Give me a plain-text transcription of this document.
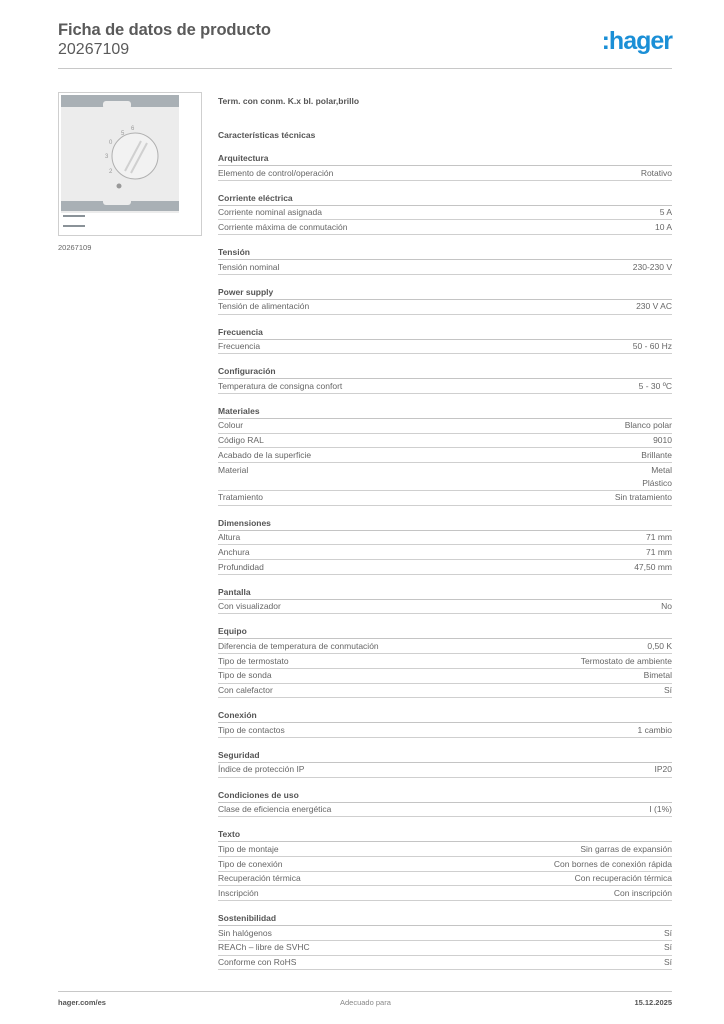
Ficha de datos de producto
20267109	:hager
5
6
0
3
2
20267109
Term. con conm. K.x bl. polar,brillo
Características técnicas
Arquitectura
Elemento de control/operación	Rotativo
Corriente eléctrica
Corriente nominal asignada	5 A
Corriente máxima de conmutación	10 A
Tensión
Tensión nominal	230-230 V
Power supply
Tensión de alimentación	230 V AC
Frecuencia
Frecuencia	50 - 60 Hz
Configuración
Temperatura de consigna confort	5 - 30 ºC
Materiales
Colour	Blanco polar
Código RAL	9010
Acabado de la superficie	Brillante
Material	Metal
Plástico
Tratamiento	Sin tratamiento
Dimensiones
Altura	71 mm
Anchura	71 mm
Profundidad	47,50 mm
Pantalla
Con visualizador	No
Equipo
Diferencia de temperatura de conmutación	0,50 K
Tipo de termostato	Termostato de ambiente
Tipo de sonda	Bimetal
Con calefactor	Sí
Conexión
Tipo de contactos	1 cambio
Seguridad
Índice de protección IP	IP20
Condiciones de uso
Clase de eficiencia energética	I (1%)
Texto
Tipo de montaje	Sin garras de expansión
Tipo de conexión	Con bornes de conexión rápida
Recuperación térmica	Con recuperación térmica
Inscripción	Con inscripción
Sostenibilidad
Sin halógenos	Sí
REACh – libre de SVHC	Sí
Conforme con RoHS	Sí
hager.com/es	Adecuado para	15.12.2025
